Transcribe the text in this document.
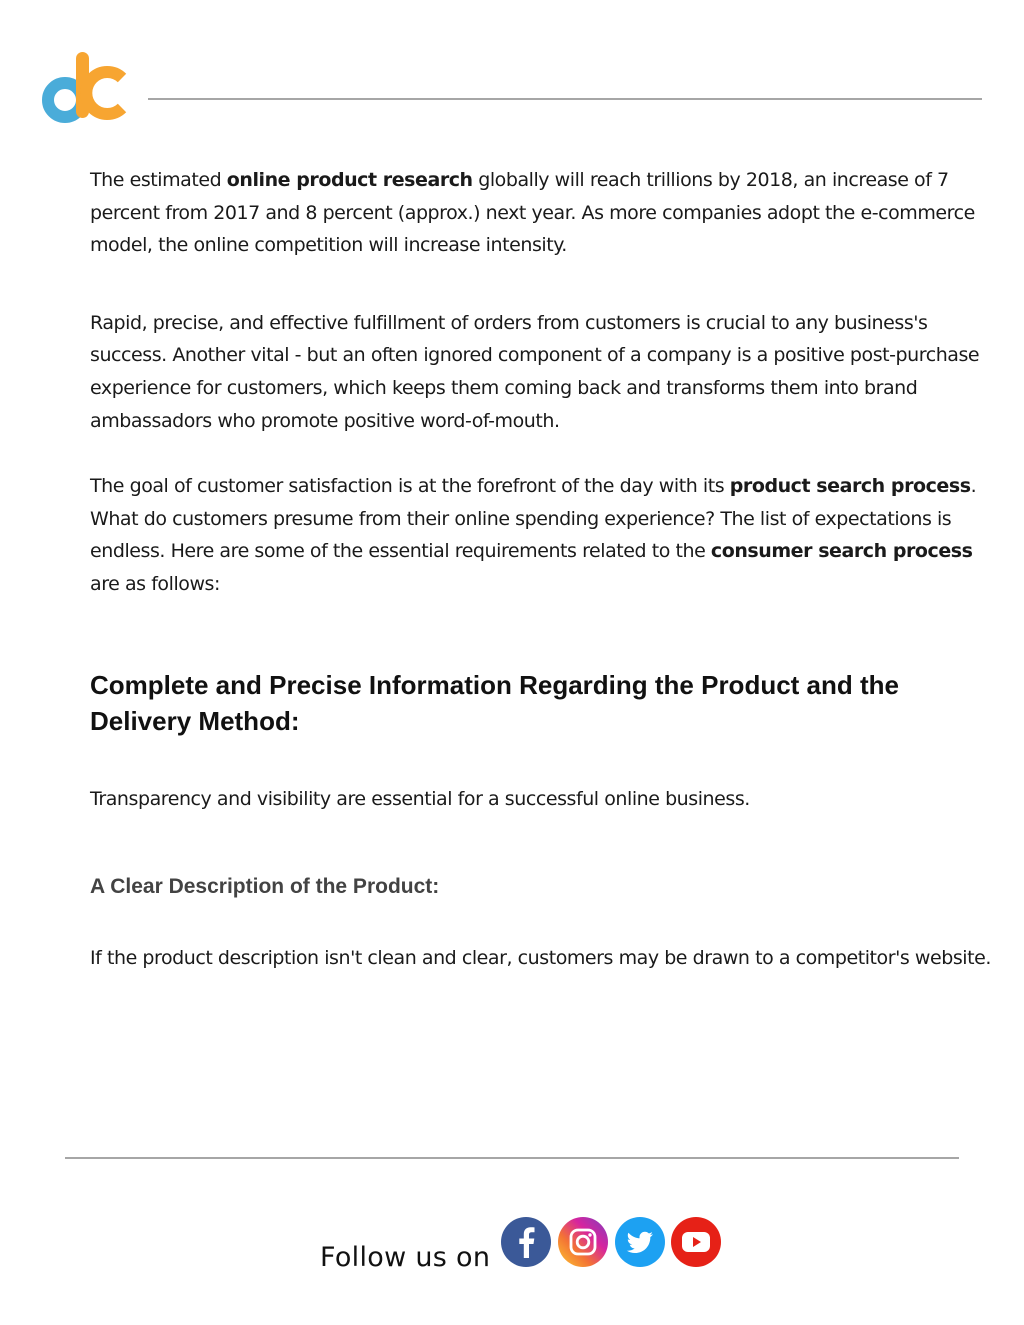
The estimated online product research globally will reach trillions by 2018, an increase of 7 percent from 2017 and 8 percent (approx.) next year. As more companies adopt the e-commerce model, the online competition will increase intensity.

Rapid, precise, and effective fulfillment of orders from customers is crucial to any business's success. Another vital - but an often ignored component of a company is a positive post-purchase experience for customers, which keeps them coming back and transforms them into brand ambassadors who promote positive word-of-mouth.

The goal of customer satisfaction is at the forefront of the day with its product search process. What do customers presume from their online spending experience? The list of expectations is endless. Here are some of the essential requirements related to the consumer search process are as follows:

Complete and Precise Information Regarding the Product and the Delivery Method:

Transparency and visibility are essential for a successful online business.

A Clear Description of the Product:

If the product description isn't clean and clear, customers may be drawn to a competitor's website.

Follow us on
